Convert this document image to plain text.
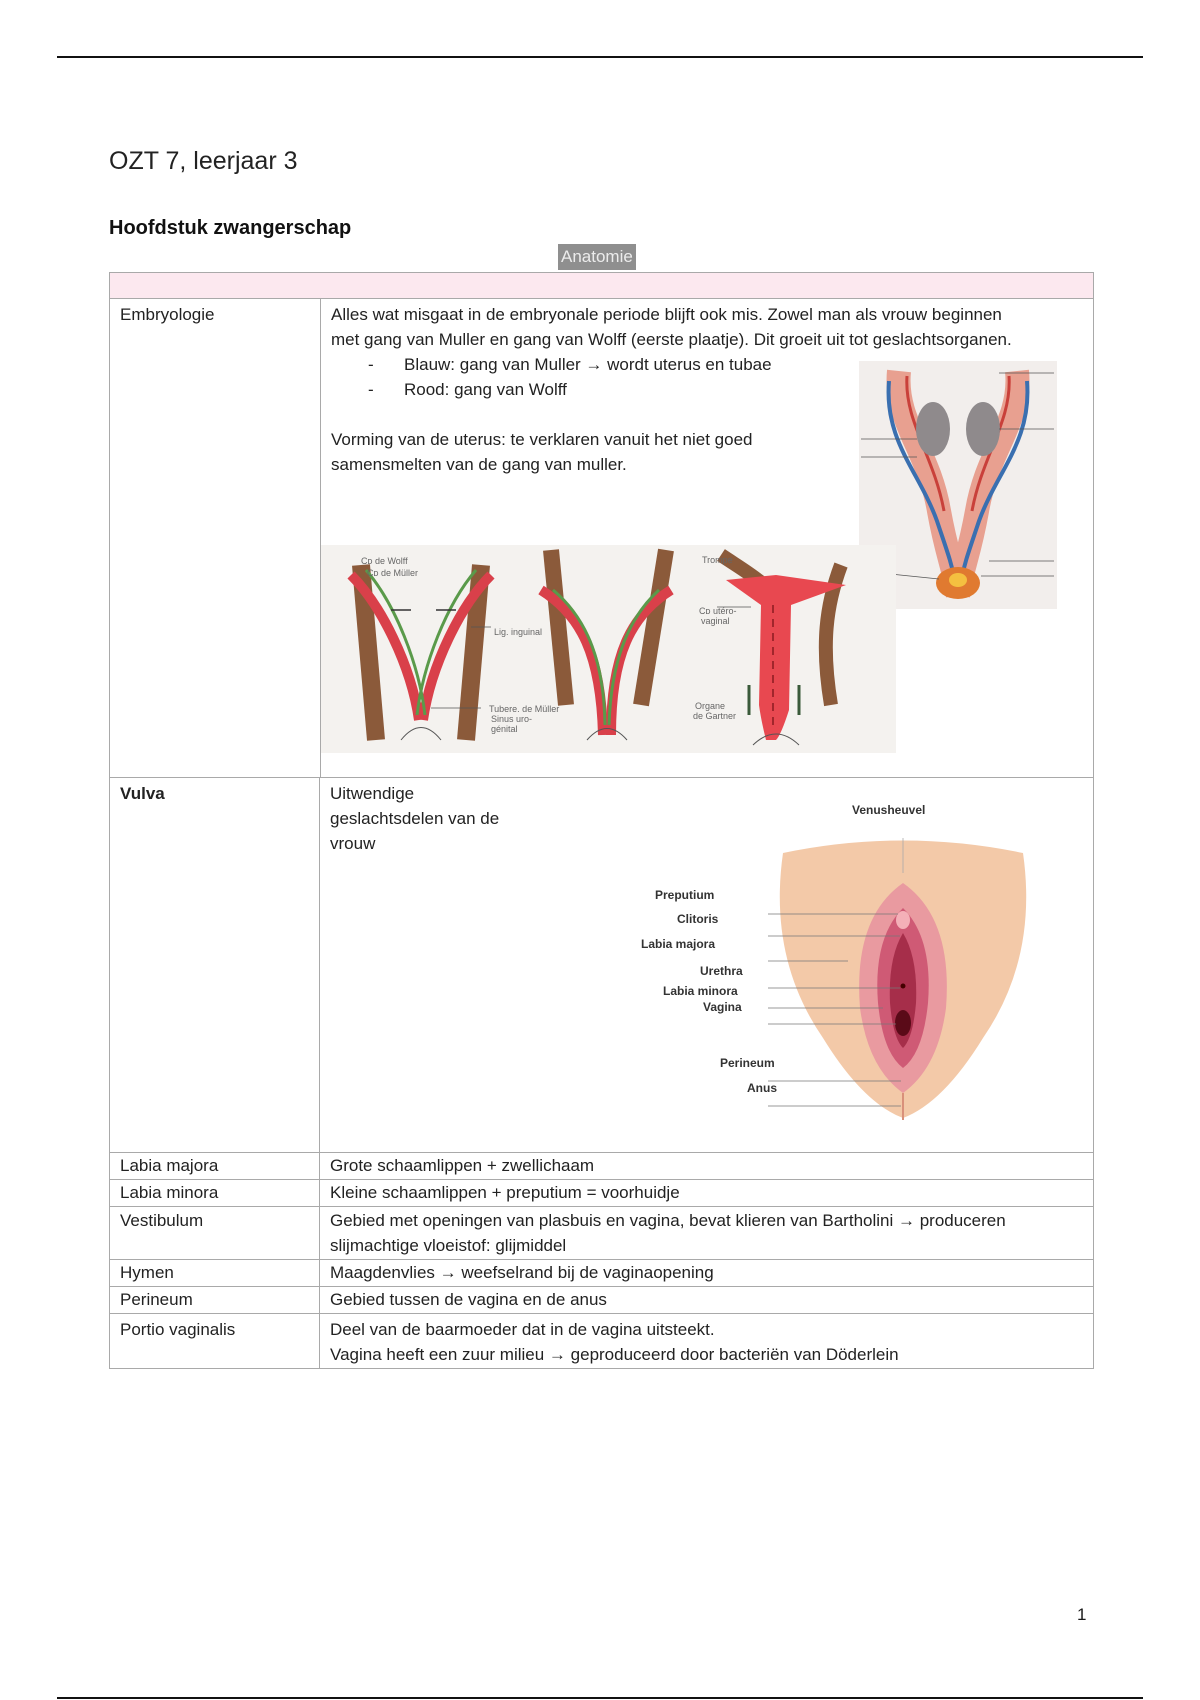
OZT 7, leerjaar 3
Hoofdstuk zwangerschap
Anatomie
Embryologie	Alles wat misgaat in de embryonale periode blijft ook mis. Zowel man als vrouw beginnen met gang van Muller en gang van Wolff (eerste plaatje). Dit groeit uit tot geslachtsorganen.
- Blauw: gang van Muller → wordt uterus en tubae
- Rood: gang van Wolff
Vorming van de uterus: te verklaren vanuit het niet goed samensmelten van de gang van muller.
Cᴅ de Wolff
Cᴅ de Müller
Lig. inguinal
Tubere. de Müller
Sinus uro-
génital
Trompe
Cᴅ utéro-
vaginal
Organe
de Gartner
Vulva	Uitwendige geslachtsdelen van de vrouw
Venusheuvel
Preputium
Clitoris
Labia majora
Urethra
Labia minora
Vagina
Perineum
Anus
Labia majora	Grote schaamlippen + zwellichaam
Labia minora	Kleine schaamlippen + preputium = voorhuidje
Vestibulum	Gebied met openingen van plasbuis en vagina, bevat klieren van Bartholini → produceren slijmachtige vloeistof: glijmiddel
Hymen	Maagdenvlies → weefselrand bij de vaginaopening
Perineum	Gebied tussen de vagina en de anus
Portio vaginalis	Deel van de baarmoeder dat in de vagina uitsteekt.
Vagina heeft een zuur milieu → geproduceerd door bacteriën van Döderlein
1
